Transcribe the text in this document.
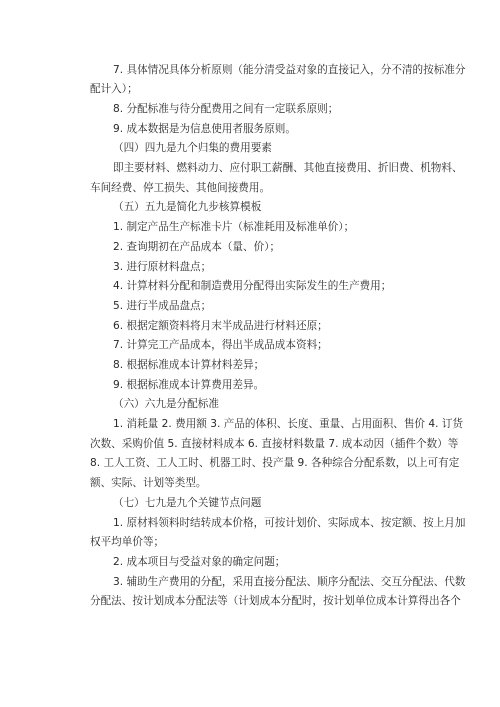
7. 具体情况具体分析原则（能分清受益对象的直接记入，分不清的按标准分
配计入）；
8. 分配标准与待分配费用之间有一定联系原则；
9. 成本数据是为信息使用者服务原则。
（四）四九是九个归集的费用要素
即主要材料、燃料动力、应付职工薪酬、其他直接费用、折旧费、机物料、
车间经费、停工损失、其他间接费用。
（五）五九是简化九步核算模板
1. 制定产品生产标准卡片（标准耗用及标准单价）；
2. 查询期初在产品成本（量、价）；
3. 进行原材料盘点；
4. 计算材料分配和制造费用分配得出实际发生的生产费用；
5. 进行半成品盘点；
6. 根据定额资料将月末半成品进行材料还原；
7. 计算完工产品成本，得出半成品成本资料；
8. 根据标准成本计算材料差异；
9. 根据标准成本计算费用差异。
（六）六九是分配标准
1. 消耗量 2. 费用额 3. 产品的体积、长度、重量、占用面积、售价 4. 订货
次数、采购价值 5. 直接材料成本 6. 直接材料数量 7. 成本动因（插件个数）等
8. 工人工资、工人工时、机器工时、投产量 9. 各种综合分配系数，以上可有定
额、实际、计划等类型。
（七）七九是九个关键节点问题
1. 原材料领料时结转成本价格，可按计划价、实际成本、按定额、按上月加
权平均单价等；
2. 成本项目与受益对象的确定问题；
3. 辅助生产费用的分配，采用直接分配法、顺序分配法、交互分配法、代数
分配法、按计划成本分配法等（计划成本分配时，按计划单位成本计算得出各个
